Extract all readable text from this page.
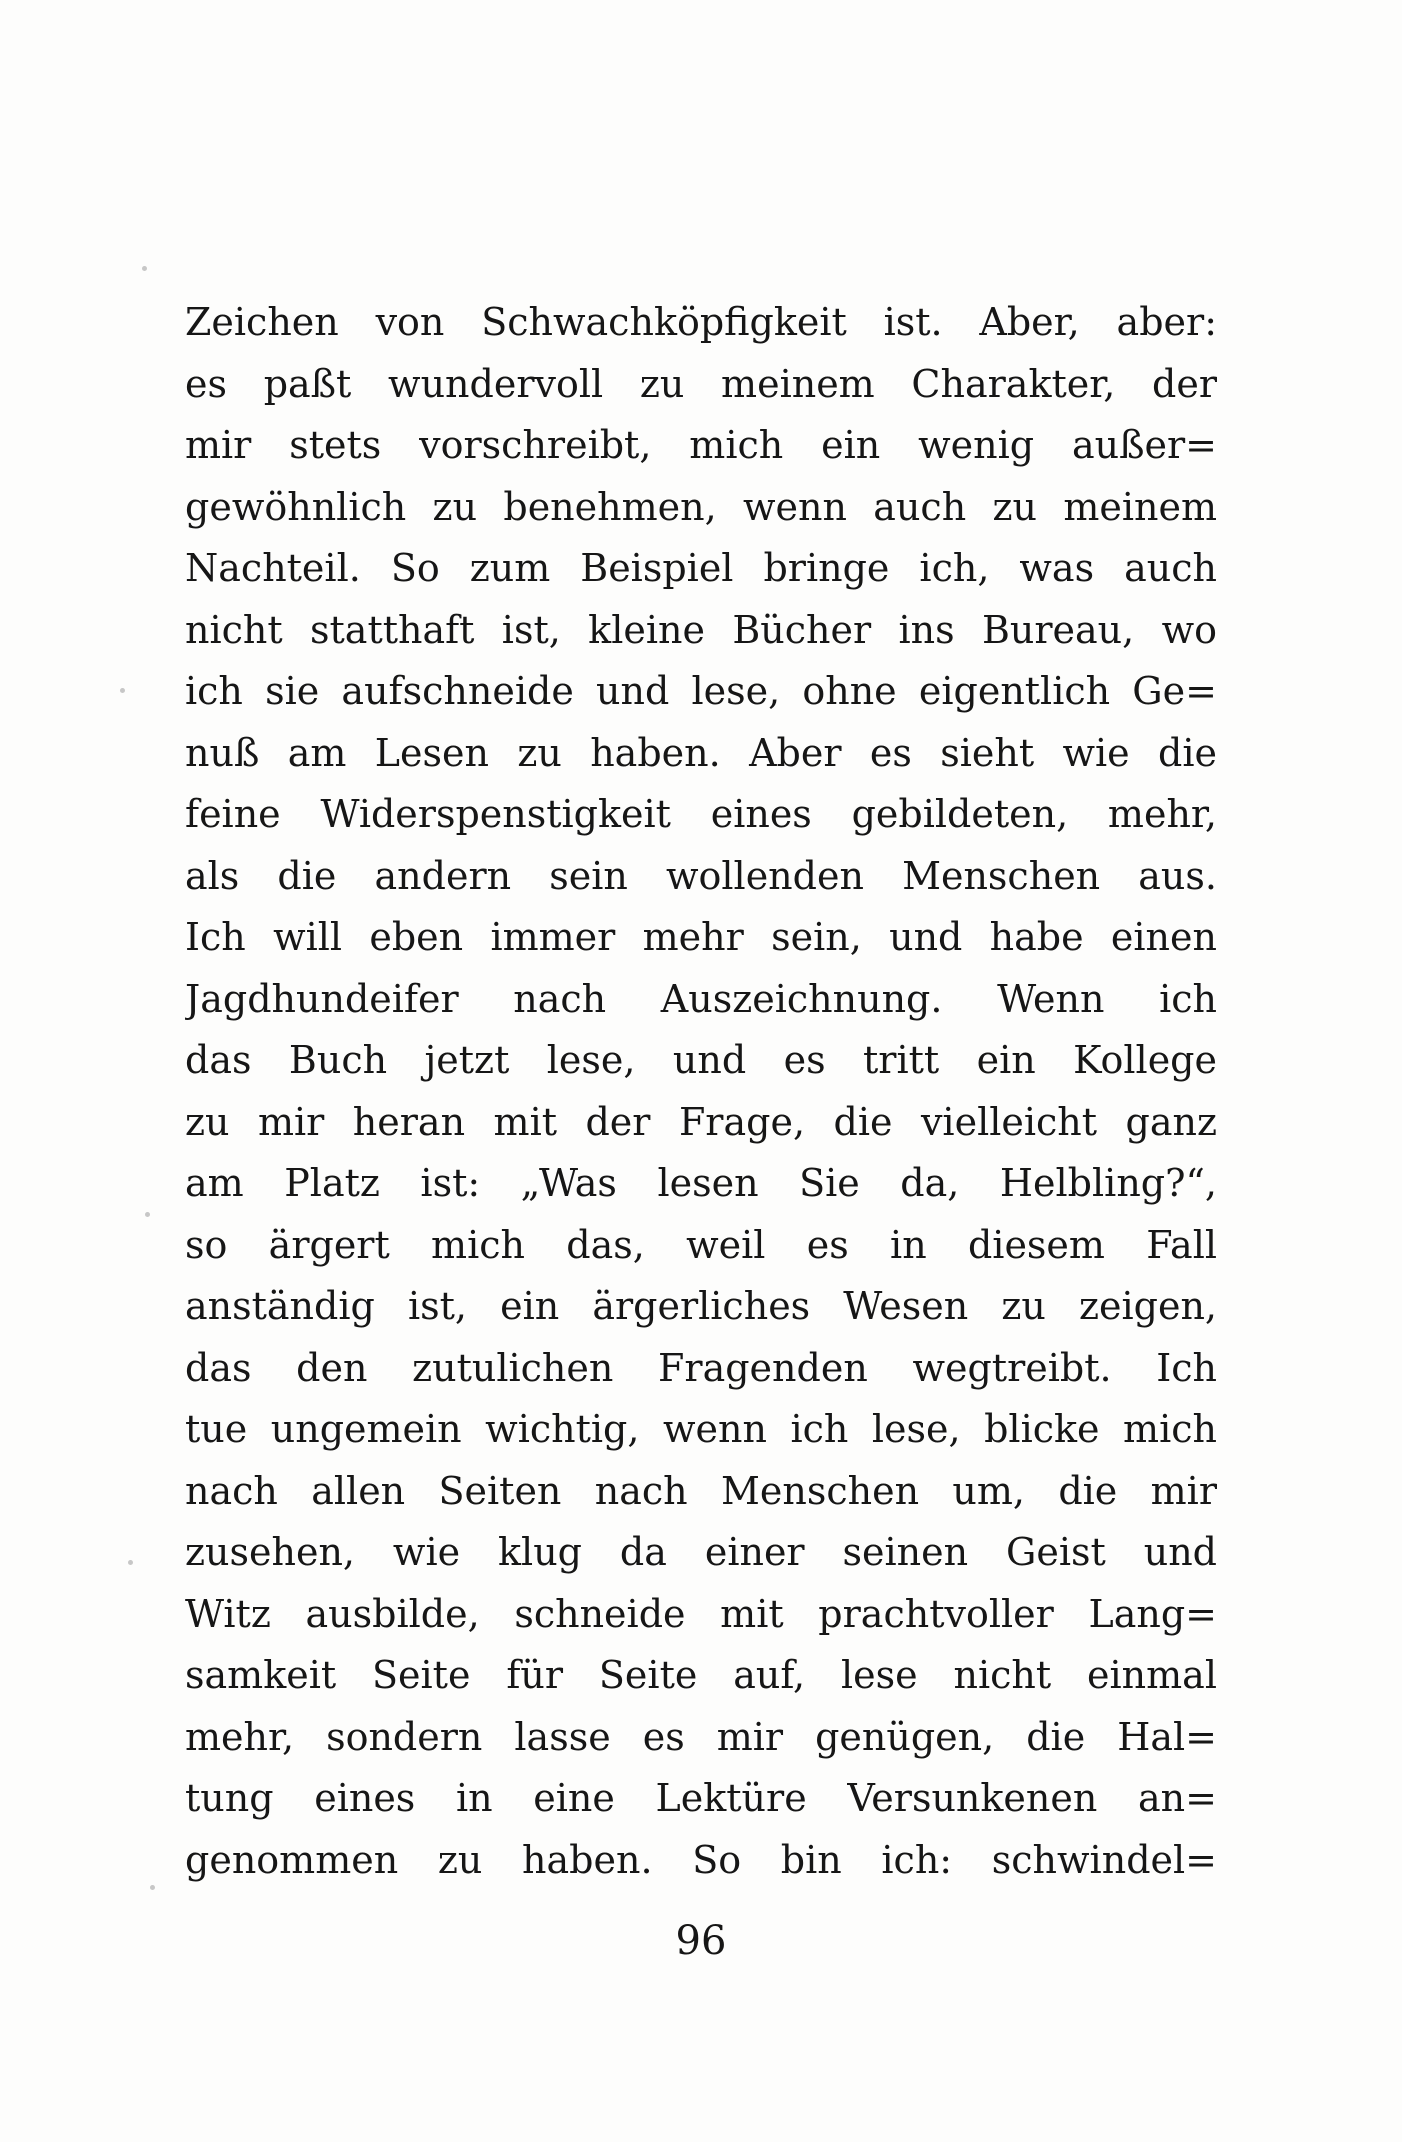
Zeichen von Schwachköpfigkeit ist. Aber, aber:
es paßt wundervoll zu meinem Charakter, der
mir stets vorschreibt, mich ein wenig außer=
gewöhnlich zu benehmen, wenn auch zu meinem
Nachteil. So zum Beispiel bringe ich, was auch
nicht statthaft ist, kleine Bücher ins Bureau, wo
ich sie aufschneide und lese, ohne eigentlich Ge=
nuß am Lesen zu haben. Aber es sieht wie die
feine Widerspenstigkeit eines gebildeten, mehr,
als die andern sein wollenden Menschen aus.
Ich will eben immer mehr sein, und habe einen
Jagdhundeifer nach Auszeichnung. Wenn ich
das Buch jetzt lese, und es tritt ein Kollege
zu mir heran mit der Frage, die vielleicht ganz
am Platz ist: „Was lesen Sie da, Helbling?“,
so ärgert mich das, weil es in diesem Fall
anständig ist, ein ärgerliches Wesen zu zeigen,
das den zutulichen Fragenden wegtreibt. Ich
tue ungemein wichtig, wenn ich lese, blicke mich
nach allen Seiten nach Menschen um, die mir
zusehen, wie klug da einer seinen Geist und
Witz ausbilde, schneide mit prachtvoller Lang=
samkeit Seite für Seite auf, lese nicht einmal
mehr, sondern lasse es mir genügen, die Hal=
tung eines in eine Lektüre Versunkenen an=
genommen zu haben. So bin ich: schwindel=
96
